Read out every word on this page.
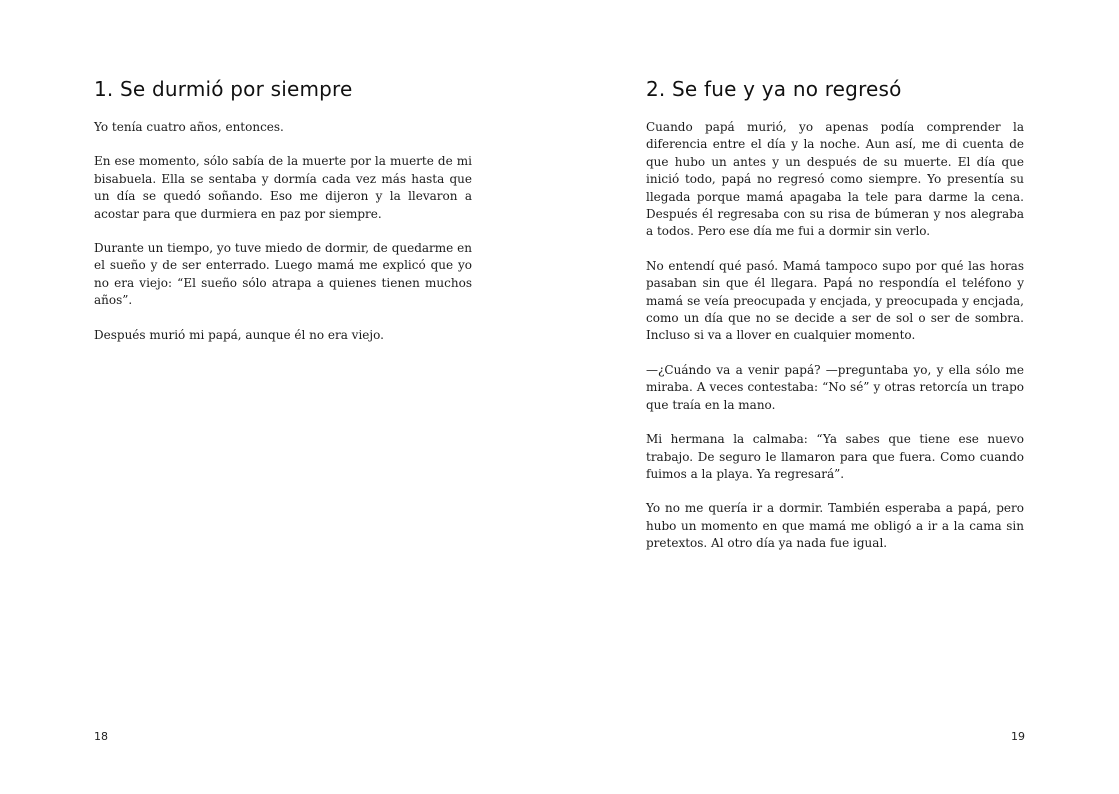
1. Se durmió por siempre

Yo tenía cuatro años, entonces.

En ese momento, sólo sabía de la muerte por la muerte de mi bisabuela. Ella se sentaba y dormía cada vez más hasta que un día se quedó soñando. Eso me dijeron y la llevaron a acostar para que durmiera en paz por siempre.

Durante un tiempo, yo tuve miedo de dormir, de quedarme en el sueño y de ser enterrado. Luego mamá me explicó que yo no era viejo: “El sueño sólo atrapa a quienes tienen muchos años”.

Después murió mi papá, aunque él no era viejo.

18
2. Se fue y ya no regresó

Cuando papá murió, yo apenas podía comprender la diferencia entre el día y la noche. Aun así, me di cuenta de que hubo un antes y un después de su muerte. El día que inició todo, papá no regresó como siempre. Yo presentía su llegada porque mamá apagaba la tele para darme la cena. Después él regresaba con su risa de búmeran y nos alegraba a todos. Pero ese día me fui a dormir sin verlo.

No entendí qué pasó. Mamá tampoco supo por qué las horas pasaban sin que él llegara. Papá no respondía el teléfono y mamá se veía preocupada y encjada, y preocupada y encjada, como un día que no se decide a ser de sol o ser de sombra. Incluso si va a llover en cualquier momento.

—¿Cuándo va a venir papá? —preguntaba yo, y ella sólo me miraba. A veces contestaba: “No sé” y otras retorcía un trapo que traía en la mano.

Mi hermana la calmaba: “Ya sabes que tiene ese nuevo trabajo. De seguro le llamaron para que fuera. Como cuando fuimos a la playa. Ya regresará”.

Yo no me quería ir a dormir. También esperaba a papá, pero hubo un momento en que mamá me obligó a ir a la cama sin pretextos. Al otro día ya nada fue igual.

19
